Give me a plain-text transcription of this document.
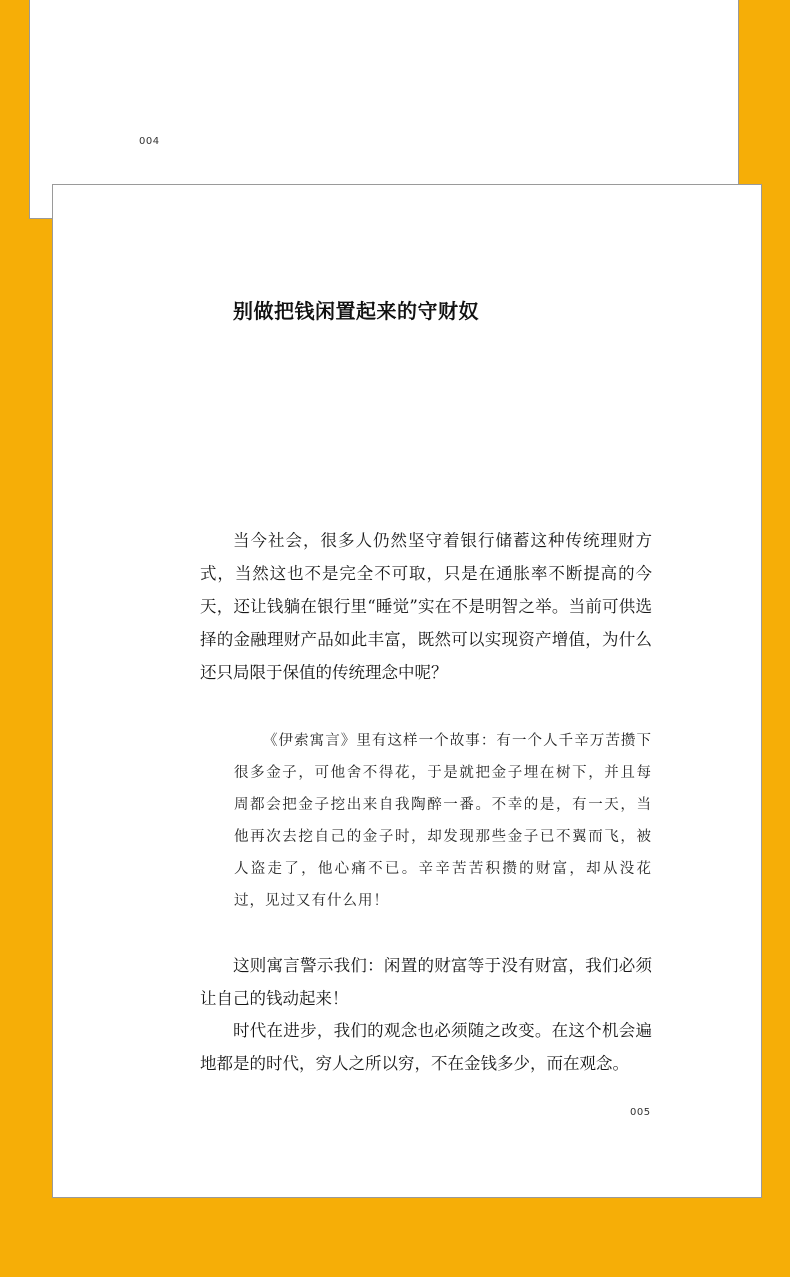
004
别做把钱闲置起来的守财奴

当今社会，很多人仍然坚守着银行储蓄这种传统理财方式，当然这也不是完全不可取，只是在通胀率不断提高的今天，还让钱躺在银行里“睡觉”实在不是明智之举。当前可供选择的金融理财产品如此丰富，既然可以实现资产增值，为什么还只局限于保值的传统理念中呢？

《伊索寓言》里有这样一个故事：有一个人千辛万苦攒下很多金子，可他舍不得花，于是就把金子埋在树下，并且每周都会把金子挖出来自我陶醉一番。不幸的是，有一天，当他再次去挖自己的金子时，却发现那些金子已不翼而飞，被人盗走了，他心痛不已。辛辛苦苦积攒的财富，却从没花过，见过又有什么用！

这则寓言警示我们：闲置的财富等于没有财富，我们必须让自己的钱动起来！

时代在进步，我们的观念也必须随之改变。在这个机会遍地都是的时代，穷人之所以穷，不在金钱多少，而在观念。

005
